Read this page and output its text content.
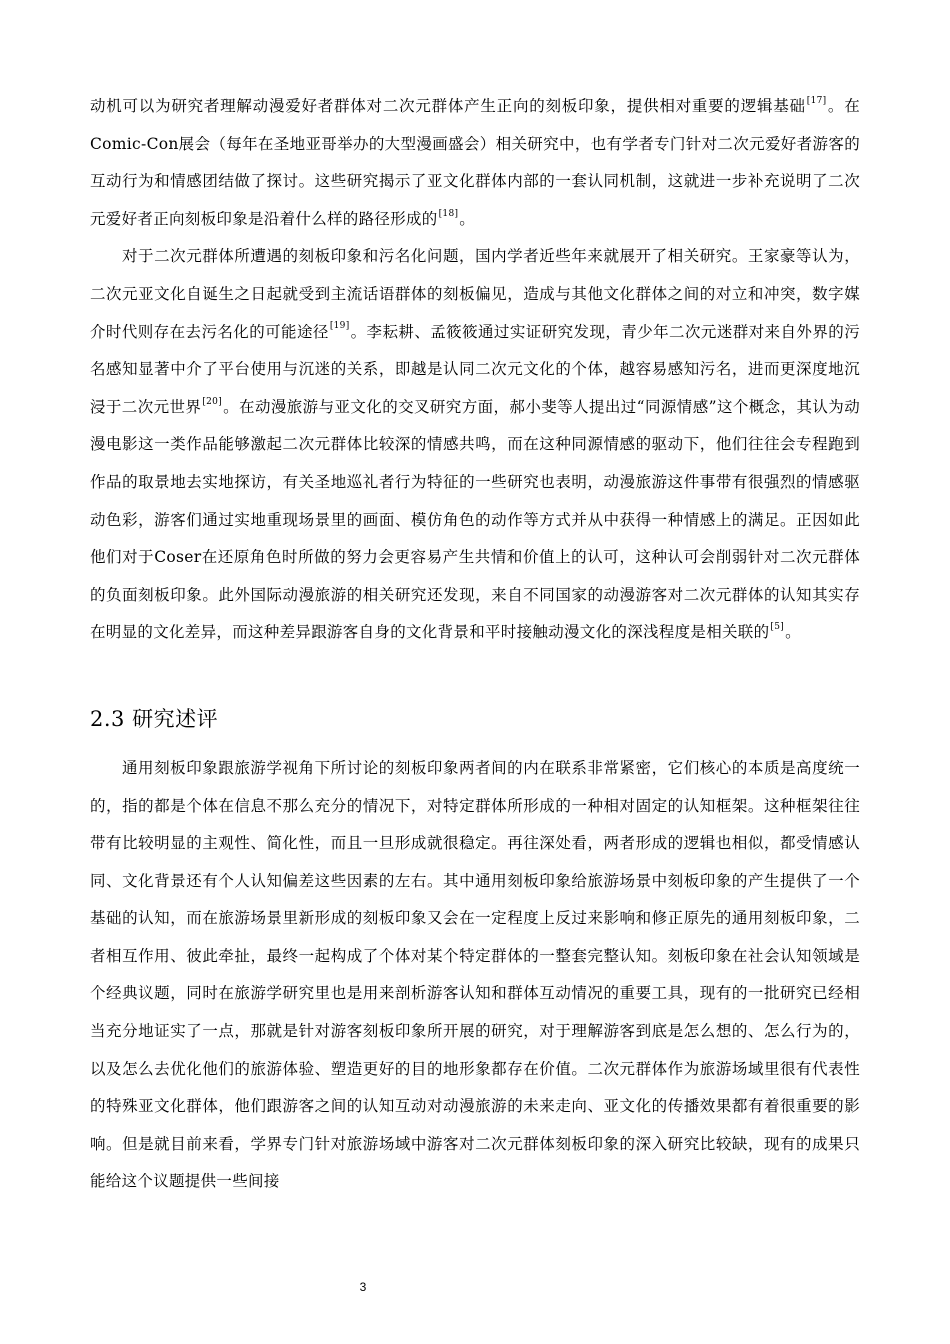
动机可以为研究者理解动漫爱好者群体对二次元群体产生正向的刻板印象，提供相对重要的逻辑基础[17]。在Comic-Con展会（每年在圣地亚哥举办的大型漫画盛会）相关研究中，也有学者专门针对二次元爱好者游客的互动行为和情感团结做了探讨。这些研究揭示了亚文化群体内部的一套认同机制，这就进一步补充说明了二次元爱好者正向刻板印象是沿着什么样的路径形成的[18]。

对于二次元群体所遭遇的刻板印象和污名化问题，国内学者近些年来就展开了相关研究。王家豪等认为，二次元亚文化自诞生之日起就受到主流话语群体的刻板偏见，造成与其他文化群体之间的对立和冲突，数字媒介时代则存在去污名化的可能途径[19]。李耘耕、孟筱筱通过实证研究发现，青少年二次元迷群对来自外界的污名感知显著中介了平台使用与沉迷的关系，即越是认同二次元文化的个体，越容易感知污名，进而更深度地沉浸于二次元世界[20]。在动漫旅游与亚文化的交叉研究方面，郝小斐等人提出过“同源情感”这个概念，其认为动漫电影这一类作品能够激起二次元群体比较深的情感共鸣，而在这种同源情感的驱动下，他们往往会专程跑到作品的取景地去实地探访，有关圣地巡礼者行为特征的一些研究也表明，动漫旅游这件事带有很强烈的情感驱动色彩，游客们通过实地重现场景里的画面、模仿角色的动作等方式并从中获得一种情感上的满足。正因如此他们对于Coser在还原角色时所做的努力会更容易产生共情和价值上的认可，这种认可会削弱针对二次元群体的负面刻板印象。此外国际动漫旅游的相关研究还发现，来自不同国家的动漫游客对二次元群体的认知其实存在明显的文化差异，而这种差异跟游客自身的文化背景和平时接触动漫文化的深浅程度是相关联的[5]。

2.3 研究述评

通用刻板印象跟旅游学视角下所讨论的刻板印象两者间的内在联系非常紧密，它们核心的本质是高度统一的，指的都是个体在信息不那么充分的情况下，对特定群体所形成的一种相对固定的认知框架。这种框架往往带有比较明显的主观性、简化性，而且一旦形成就很稳定。再往深处看，两者形成的逻辑也相似，都受情感认同、文化背景还有个人认知偏差这些因素的左右。其中通用刻板印象给旅游场景中刻板印象的产生提供了一个基础的认知，而在旅游场景里新形成的刻板印象又会在一定程度上反过来影响和修正原先的通用刻板印象，二者相互作用、彼此牵扯，最终一起构成了个体对某个特定群体的一整套完整认知。刻板印象在社会认知领域是个经典议题，同时在旅游学研究里也是用来剖析游客认知和群体互动情况的重要工具，现有的一批研究已经相当充分地证实了一点，那就是针对游客刻板印象所开展的研究，对于理解游客到底是怎么想的、怎么行为的，以及怎么去优化他们的旅游体验、塑造更好的目的地形象都存在价值。二次元群体作为旅游场域里很有代表性的特殊亚文化群体，他们跟游客之间的认知互动对动漫旅游的未来走向、亚文化的传播效果都有着很重要的影响。但是就目前来看，学界专门针对旅游场域中游客对二次元群体刻板印象的深入研究比较缺，现有的成果只能给这个议题提供一些间接

3
